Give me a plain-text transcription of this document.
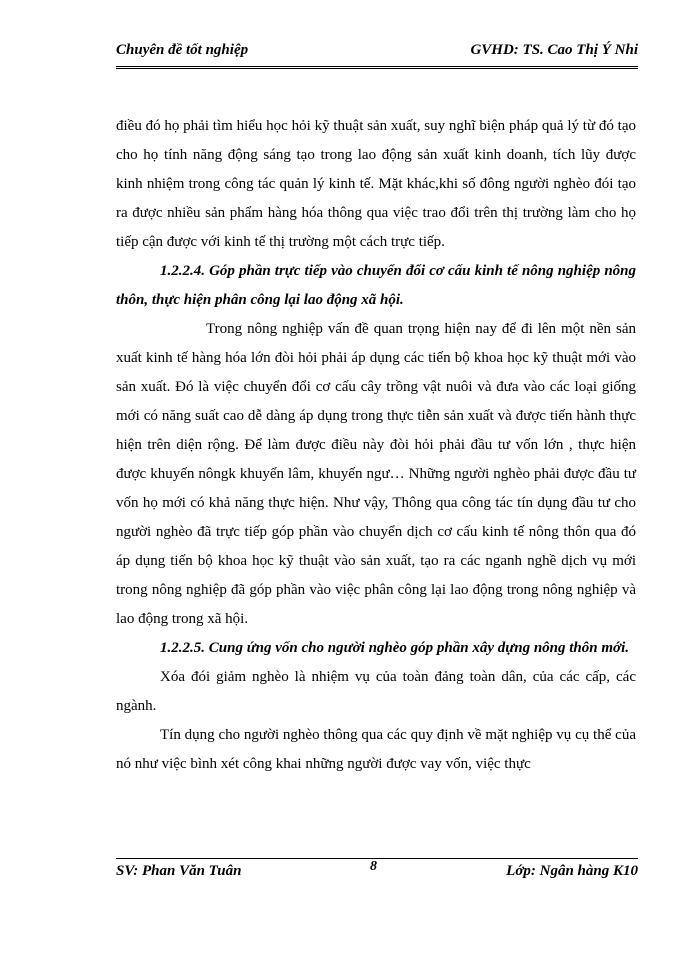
Chuyên đề tốt nghiệp	GVHD: TS. Cao Thị Ý Nhi

điều đó họ phải tìm hiểu học hỏi kỹ thuật sản xuất, suy nghĩ biện pháp quả lý từ đó tạo cho họ tính năng động sáng tạo trong lao động sản xuất kinh doanh, tích lũy được kinh nhiệm trong công tác quản lý kinh tế. Mặt khác,khi số đông người nghèo đói tạo ra được nhiều sản phẩm hàng hóa thông qua việc trao đổi trên thị trường làm cho họ tiếp cận được với kinh tế thị trường một cách trực tiếp.

1.2.2.4. Góp phần trực tiếp vào chuyển đổi cơ cấu kinh tế nông nghiệp nông thôn, thực hiện phân công lại lao động xã hội.

Trong nông nghiệp vấn đề quan trọng hiện nay để đi lên một nền sản xuất kinh tế hàng hóa lớn đòi hỏi phải áp dụng các tiến bộ khoa học kỹ thuật mới vào sản xuất. Đó là việc chuyển đổi cơ cấu cây trồng vật nuôi và đưa vào các loại giống mới có năng suất cao dễ dàng áp dụng trong thực tiễn sản xuất và được tiến hành thực hiện trên diện rộng. Để làm được điều này đòi hỏi phải đầu tư vốn lớn , thực hiện được khuyến nôngk khuyến lâm, khuyến ngư… Những người nghèo phải được đầu tư vốn họ mới có khả năng thực hiện. Như vậy, Thông qua công tác tín dụng đầu tư cho người nghèo đã trực tiếp góp phần vào chuyển dịch cơ cấu kinh tế nông thôn qua đó áp dụng tiến bộ khoa học kỹ thuật vào sản xuất, tạo ra các nganh nghề dịch vụ mới trong nông nghiệp đã góp phần vào việc phân công lại lao động trong nông nghiệp và lao động trong xã hội.

1.2.2.5. Cung ứng vốn cho người nghèo góp phần xây dựng nông thôn mới.

Xóa đói giảm nghèo là nhiệm vụ của toàn đảng toàn dân, của các cấp, các ngành.

Tín dụng cho người nghèo thông qua các quy định về mặt nghiệp vụ cụ thể của nó như việc bình xét công khai những người được vay vốn, việc thực

SV: Phan Văn Tuân	8	Lớp: Ngân hàng K10
